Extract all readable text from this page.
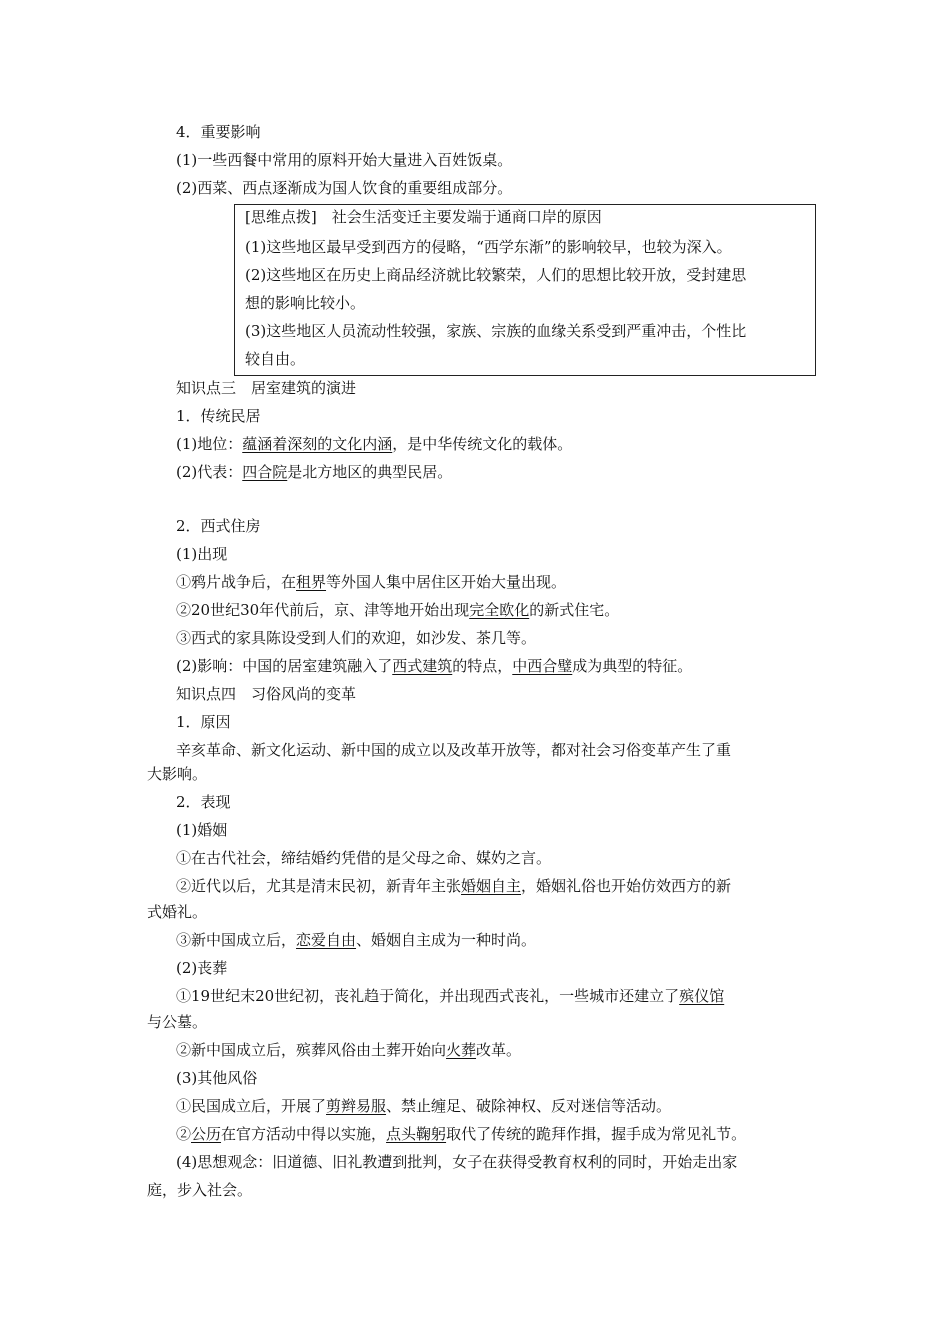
4．重要影响
(1)一些西餐中常用的原料开始大量进入百姓饭桌。
(2)西菜、西点逐渐成为国人饮食的重要组成部分。
[思维点拨]　社会生活变迁主要发端于通商口岸的原因
(1)这些地区最早受到西方的侵略，“西学东渐”的影响较早，也较为深入。
(2)这些地区在历史上商品经济就比较繁荣，人们的思想比较开放，受封建思
想的影响比较小。
(3)这些地区人员流动性较强，家族、宗族的血缘关系受到严重冲击，个性比
较自由。
知识点三　居室建筑的演进
1．传统民居
(1)地位：蕴涵着深刻的文化内涵，是中华传统文化的载体。
(2)代表：四合院是北方地区的典型民居。
2．西式住房
(1)出现
①鸦片战争后，在租界等外国人集中居住区开始大量出现。
②20世纪30年代前后，京、津等地开始出现完全欧化的新式住宅。
③西式的家具陈设受到人们的欢迎，如沙发、茶几等。
(2)影响：中国的居室建筑融入了西式建筑的特点，中西合璧成为典型的特征。
知识点四　习俗风尚的变革
1．原因
辛亥革命、新文化运动、新中国的成立以及改革开放等，都对社会习俗变革产生了重
大影响。
2．表现
(1)婚姻
①在古代社会，缔结婚约凭借的是父母之命、媒妁之言。
②近代以后，尤其是清末民初，新青年主张婚姻自主，婚姻礼俗也开始仿效西方的新
式婚礼。
③新中国成立后，恋爱自由、婚姻自主成为一种时尚。
(2)丧葬
①19世纪末20世纪初，丧礼趋于简化，并出现西式丧礼，一些城市还建立了殡仪馆
与公墓。
②新中国成立后，殡葬风俗由土葬开始向火葬改革。
(3)其他风俗
①民国成立后，开展了剪辫易服、禁止缠足、破除神权、反对迷信等活动。
②公历在官方活动中得以实施，点头鞠躬取代了传统的跪拜作揖，握手成为常见礼节。
(4)思想观念：旧道德、旧礼教遭到批判，女子在获得受教育权利的同时，开始走出家
庭，步入社会。
